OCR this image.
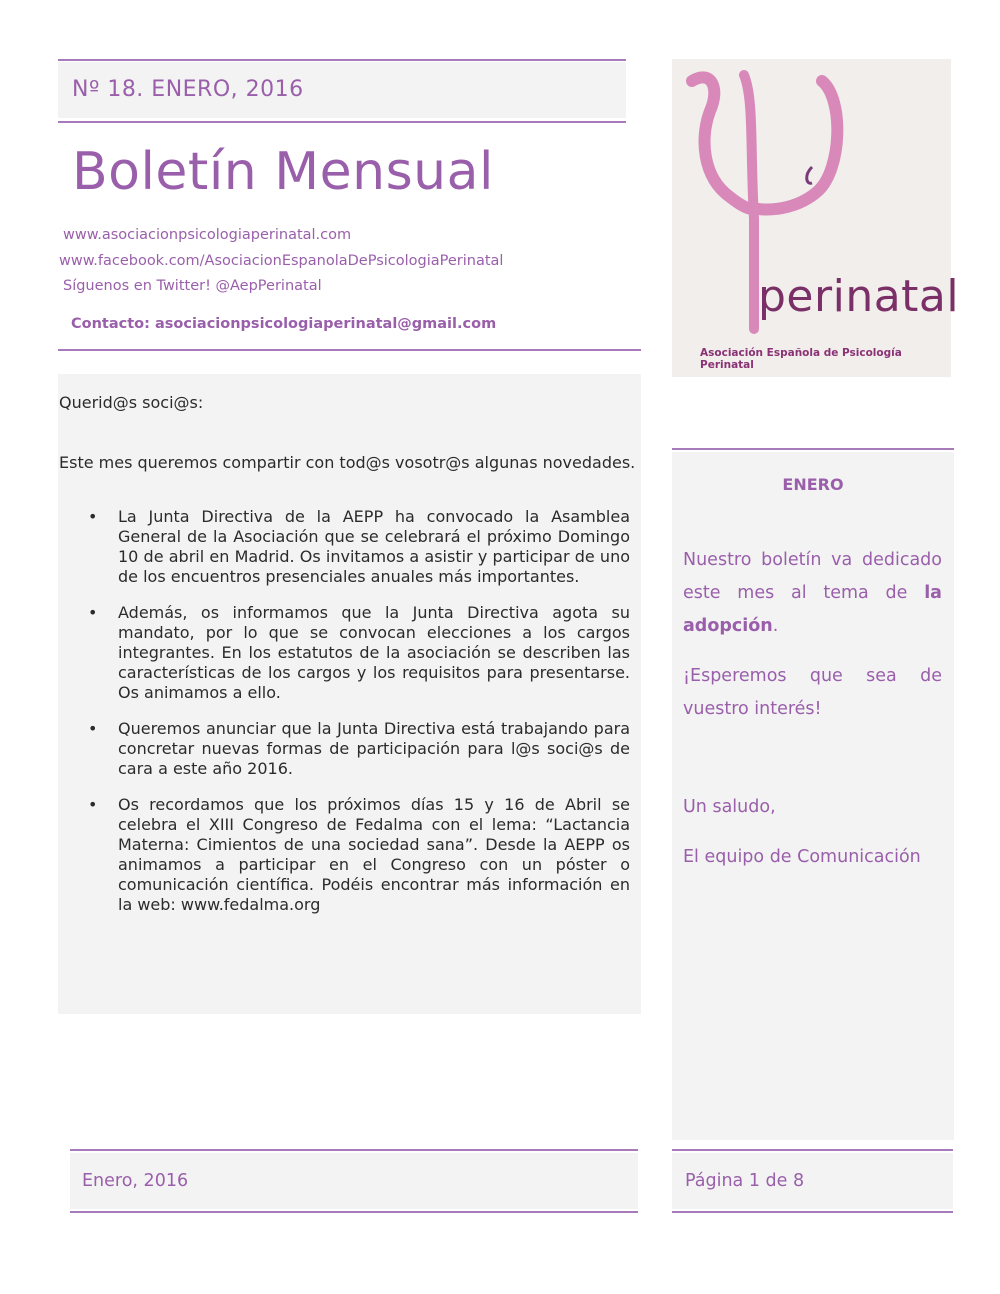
Nº 18. ENERO, 2016
Boletín Mensual
www.asociacionpsicologiaperinatal.com
www.facebook.com/AsociacionEspanolaDePsicologiaPerinatal
Síguenos en Twitter! @AepPerinatal
Contacto: asociacionpsicologiaperinatal@gmail.com
perinatal
Asociación Española de Psicología Perinatal
Querid@s soci@s:
Este mes queremos compartir con tod@s vosotr@s algunas novedades.
• La Junta Directiva de la AEPP ha convocado la Asamblea General de la Asociación que se celebrará el próximo Domingo 10 de abril en Madrid. Os invitamos a asistir y participar de uno de los encuentros presenciales anuales más importantes.
• Además, os informamos que la Junta Directiva agota su mandato, por lo que se convocan elecciones a los cargos integrantes. En los estatutos de la asociación se describen las características de los cargos y los requisitos para presentarse. Os animamos a ello.
• Queremos anunciar que la Junta Directiva está trabajando para concretar nuevas formas de participación para l@s soci@s de cara a este año 2016.
• Os recordamos que los próximos días 15 y 16 de Abril se celebra el XIII Congreso de Fedalma con el lema: “Lactancia Materna: Cimientos de una sociedad sana”. Desde la AEPP os animamos a participar en el Congreso con un póster o comunicación científica. Podéis encontrar más información en la web: www.fedalma.org
ENERO
Nuestro boletín va dedicado
este mes al tema de la
adopción.
¡Esperemos que sea de
vuestro interés!
Un saludo,
El equipo de Comunicación
Enero, 2016	Página 1 de 8
